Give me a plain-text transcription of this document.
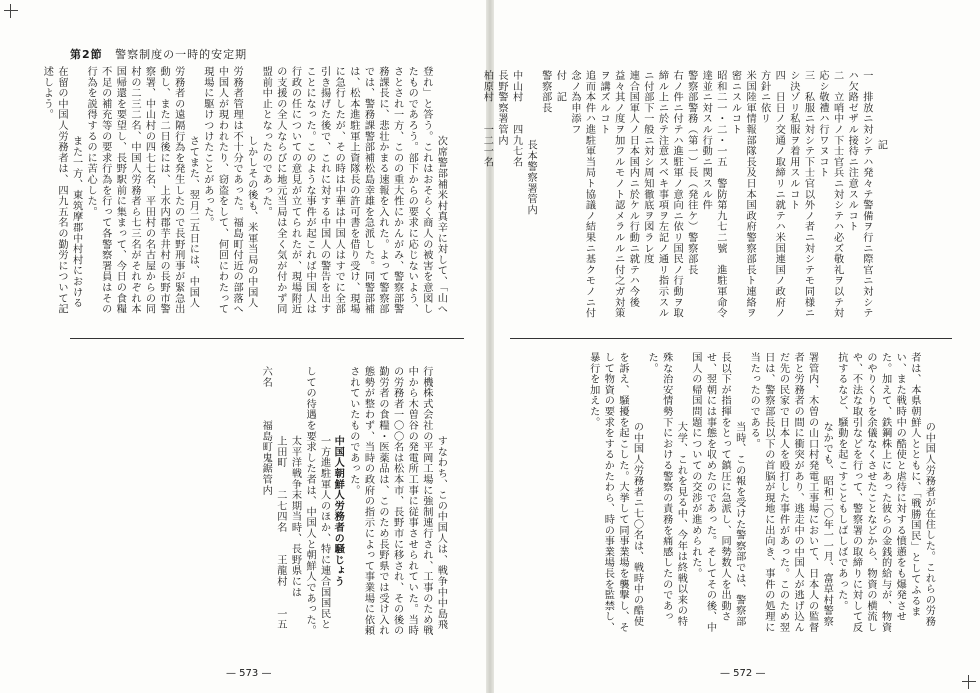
第2節 警察制度の一時的安定期

次席警部補米村真辛に対して、「山へ登れ」と答う。これはおそらく商人の被害を意図したものであろう。部下からの要求に応じないよう、さとされ一方、このの重大性にかんがみ、警察部警務課長に、悲壮かまる速報を入れた。よって警察部では、警務課警部補松島幸雄を急派した。同警部補は、松本進駐軍上資隊長の許可書を借り受け、現場に急行したが、その時は中華は中国人はすでに全部引き揚げた後で、これに対する中国人の警告を出すことになった。このような事件が起これば中国人は行政の任についての意見が立てられたが、現場附近の支援の全人ならびに地元当局は全く気が付かず同盟前中止となったのであった。
しかしその後も、米軍当局の中国人労務者管理は不十分であった。福島町付近の部落へ中国人が現われたり、窃盗をして、何回にわたって現場に駆けつけたことがあった。
さてまた、翌月二五日には、中国人労務者の遠隔行為を発生したので長野刑事が緊急出動し、また二日後には、上水内郡芋井村の長野市警察署、中山村の四七七名、平田村の名古屋からの同村の二三二名、中国人労務者ら七三名がそれぞれ本国帰還を要望し、長野駅前に集まって、今日の食糧不足の補充等の要求行為を行って各警察署員はその行為を説得するのに苦心した。
また一方、東筑摩郡中村村における在留の中国人労務者は、四九五名の勤労について記述しよう。

すなわち、この中国人は、戦争中中島飛行機株式会社の平岡工場に強制連行され、工事のため戦中から木曽谷の発電所工事に従事させられていた。当時の労務者一〇〇名は松本市、長野市に移され、その後の勤労者の食糧・医薬品は、このため長野県では受け入れ態勢が整わず、当時の政府の指示によって事業場に依頼されていたものであった。
中国人朝鮮人労務者の騒じょう
一方進駐軍人のほか、特に連合国国民としての待遇を要求した者は、中国人と朝鮮人であった。
太平洋戦争末期当時、長野県には
上田町　　二七四名　　王龍村　　一五六名　　　福島町鬼鋸管内

— 573 —

記
一　排放ニ対シテハ発々テ警備ヲ行ニ際官ニ対シテハ欠路ゼザル接待ニ注意スルコト
二　立哨中ノ下士官兵ニ対シテハ必ズ敬礼ヲ以テ対応シ敬禮ハ行ワヌコト
三　私服ニ対シテ下士官以外ノ者ニ対シテモ同様ニシ決ゾリ私服ヲ着用スルコト
四　日日ノ交通ノ取締リニ就テハ米国連国ノ政府ノ方針ニ依リ
米国陸軍情報部隊長及日本国政府警察部長ト連絡ヲ密ニスルコト
昭和二一・二・一五　警防第九七二號　進駐軍命令達並ニ対スル行動ニ関スル件
警察部警務（第一）長（発往ケ）警察部長
右ノ件ニ付テハ進駐軍ノ意向ニ依リ国民ノ行動ヲ取締ル上ニ於テ注意スベキ事項ヲ左記ノ通リ指示スルニ付部下一般ニ対シ周知徹底ヲ図ラレ度
連合国軍人ノ日本国内ニ於ケル行動ニ就テハ今後益々其ノ度ヲ加フルモノト認メラルルニ付之ガ対策ヲ講ズルコト
追而本件ハ進駐軍当局ト協議ノ結果ニ基クモノニ付念ノ為申添フ
付　記
警察部長
長本警察署管内
中山村　　四九七名
長野警察署管内
柏原村　　一二一名

の中国人労務者が在住した。これらの労務者は、本県朝鮮人とともに、「戦勝国民」としてふるまい、また戦時中の酷使と虐待に対する憤懣をも爆発させた。加えて、鉄鋼株上にあった彼らの金銭的給与が、物資のやりくりを余儀なくさせたことなどから、物資の横流しや、不法な取引などを行って、警察署の取締りに対して反抗するなど、騒動を起こすこともしばしばであった。
なかでも、昭和二〇年一一月、富草村警察署管内、木曽の山口村発電工事場において、日本人の監督者と労務者の間に衝突があり、逃走中の中国人が逃げ込んだ先の民家で日本人を殴打した事件があった。このため翌日は、警察部長以下の首脳が現地に出向き、事件の処理に当たったのである。
当時、この報を受けた警察部では、警察部長以下が指揮をとって鎮圧に急派し、同勢数人を出動させ、翌朝には事態を収めたのであった。そしてその後、中国人の帰国問題についての交渉が進められた。
大学、これを見る中、今年は終戦以来の特殊な治安情勢下における警察の責務を痛感したのであった。
の中国人労務者ニ七〇名は、戦時中の酷使を訴え、騒擾を起こした。大挙して同事業場を襲撃し、そして物資の要求をするかたわら、時の事業場長を監禁し、暴行を加えた。

— 572 —
